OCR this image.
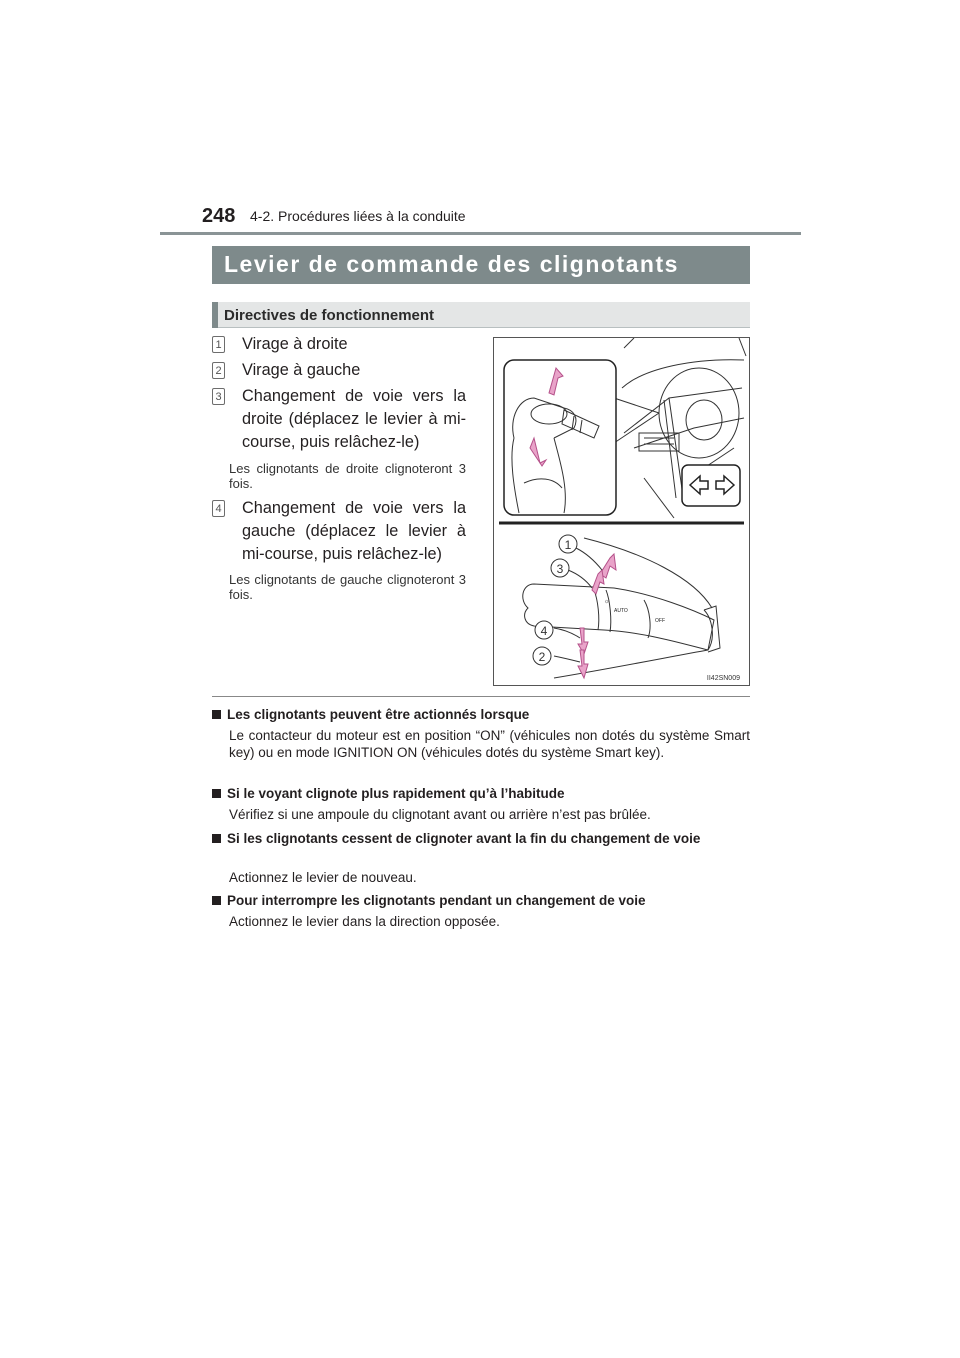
248 4-2. Procédures liées à la conduite
Levier de commande des clignotants
Directives de fonctionnement
1 Virage à droite
2 Virage à gauche
3 Changement de voie vers la droite (déplacez le levier à mi-course, puis relâchez-le)
Les clignotants de droite clignoteront 3 fois.
4 Changement de voie vers la gauche (déplacez le levier à mi-course, puis relâchez-le)
Les clignotants de gauche clignoteront 3 fois.	☼
AUTO
OFF
1
3
4
2
II42SN009
Les clignotants peuvent être actionnés lorsque
Le contacteur du moteur est en position “ON” (véhicules non dotés du système Smart key) ou en mode IGNITION ON (véhicules dotés du système Smart key).
Si le voyant clignote plus rapidement qu’à l’habitude
Vérifiez si une ampoule du clignotant avant ou arrière n’est pas brûlée.
Si les clignotants cessent de clignoter avant la fin du changement de voie
Actionnez le levier de nouveau.
Pour interrompre les clignotants pendant un changement de voie
Actionnez le levier dans la direction opposée.
